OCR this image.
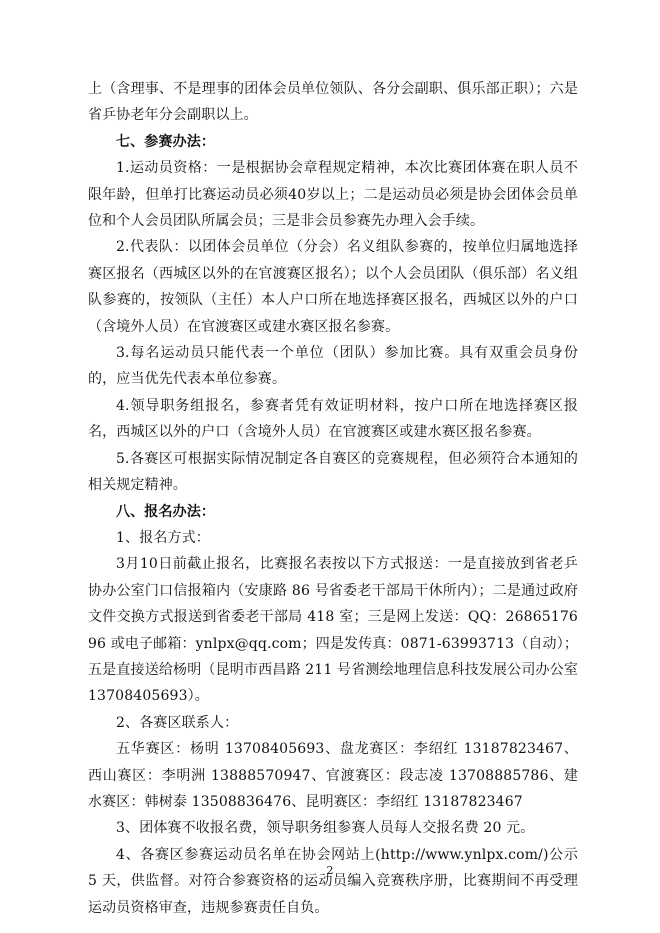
上（含理事、不是理事的团体会员单位领队、各分会副职、俱乐部正职）；六是省乒协老年分会副职以上。

七、参赛办法：

1.运动员资格：一是根据协会章程规定精神，本次比赛团体赛在职人员不限年龄，但单打比赛运动员必须40岁以上；二是运动员必须是协会团体会员单位和个人会员团队所属会员；三是非会员参赛先办理入会手续。

2.代表队：以团体会员单位（分会）名义组队参赛的，按单位归属地选择赛区报名（西城区以外的在官渡赛区报名）；以个人会员团队（俱乐部）名义组队参赛的，按领队（主任）本人户口所在地选择赛区报名，西城区以外的户口（含境外人员）在官渡赛区或建水赛区报名参赛。

3.每名运动员只能代表一个单位（团队）参加比赛。具有双重会员身份的，应当优先代表本单位参赛。

4.领导职务组报名，参赛者凭有效证明材料，按户口所在地选择赛区报名，西城区以外的户口（含境外人员）在官渡赛区或建水赛区报名参赛。

5.各赛区可根据实际情况制定各自赛区的竞赛规程，但必须符合本通知的相关规定精神。

八、报名办法：

1、报名方式：

3月10日前截止报名，比赛报名表按以下方式报送：一是直接放到省老乒协办公室门口信报箱内（安康路 86 号省委老干部局干休所内）；二是通过政府文件交换方式报送到省委老干部局 418 室；三是网上发送：QQ：2686517696 或电子邮箱：ynlpx@qq.com；四是发传真：0871-63993713（自动）；五是直接送给杨明（昆明市西昌路 211 号省测绘地理信息科技发展公司办公室 13708405693）。

2、各赛区联系人：

五华赛区：杨明 13708405693、盘龙赛区：李绍红 13187823467、西山赛区：李明洲 13888570947、官渡赛区：段志凌 13708885786、建水赛区：韩树泰 13508836476、昆明赛区：李绍红 13187823467

3、团体赛不收报名费，领导职务组参赛人员每人交报名费 20 元。

4、各赛区参赛运动员名单在协会网站上(http://www.ynlpx.com/)公示 5 天，供监督。对符合参赛资格的运动员编入竞赛秩序册，比赛期间不再受理运动员资格审查，违规参赛责任自负。

2
